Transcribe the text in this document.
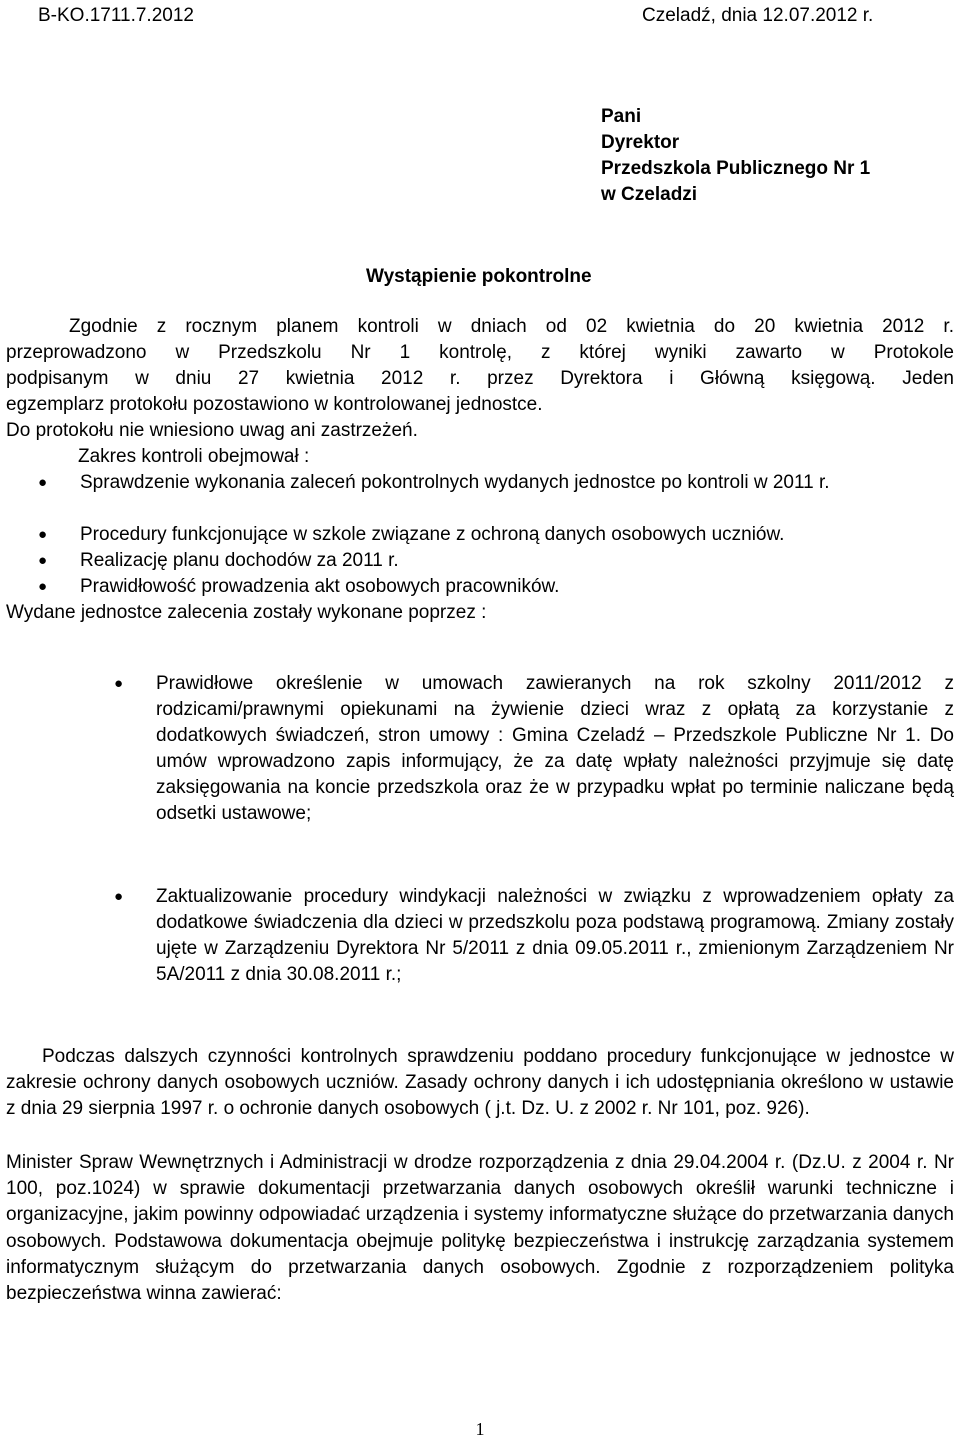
B-KO.1711.7.2012	Czeladź, dnia 12.07.2012 r.
Pani
Dyrektor
Przedszkola Publicznego Nr 1
w Czeladzi
Wystąpienie pokontrolne
Zgodnie z rocznym planem kontroli w dniach od 02 kwietnia do 20 kwietnia 2012 r.
przeprowadzono w Przedszkolu Nr 1 kontrolę, z której wyniki zawarto w Protokole
podpisanym w dniu 27 kwietnia 2012 r. przez Dyrektora i Główną księgową. Jeden
egzemplarz protokołu pozostawiono w kontrolowanej jednostce.
Do protokołu nie wniesiono uwag ani zastrzeżeń.
Zakres kontroli obejmował :
● Sprawdzenie wykonania zaleceń pokontrolnych wydanych jednostce po kontroli w 2011 r.
● Procedury funkcjonujące w szkole związane z ochroną danych osobowych uczniów.
● Realizację planu dochodów za 2011 r.
● Prawidłowość prowadzenia akt osobowych pracowników.
Wydane jednostce zalecenia zostały wykonane poprzez :
● Prawidłowe określenie w umowach zawieranych na rok szkolny 2011/2012 z rodzicami/prawnymi opiekunami na żywienie dzieci wraz z opłatą za korzystanie z dodatkowych świadczeń, stron umowy : Gmina Czeladź – Przedszkole Publiczne Nr 1. Do umów wprowadzono zapis informujący, że za datę wpłaty należności przyjmuje się datę zaksięgowania na koncie przedszkola oraz że w przypadku wpłat po terminie naliczane będą odsetki ustawowe;
● Zaktualizowanie procedury windykacji należności w związku z wprowadzeniem opłaty za dodatkowe świadczenia dla dzieci w przedszkolu poza podstawą programową. Zmiany zostały ujęte w Zarządzeniu Dyrektora Nr 5/2011 z dnia 09.05.2011 r., zmienionym Zarządzeniem Nr 5A/2011 z dnia 30.08.2011 r.;
Podczas dalszych czynności kontrolnych sprawdzeniu poddano procedury funkcjonujące w jednostce w zakresie ochrony danych osobowych uczniów. Zasady ochrony danych i ich udostępniania określono w ustawie z dnia 29 sierpnia 1997 r. o ochronie danych osobowych ( j.t. Dz. U. z 2002 r. Nr 101, poz. 926).
Minister Spraw Wewnętrznych i Administracji w drodze rozporządzenia z dnia 29.04.2004 r. (Dz.U. z 2004 r. Nr 100, poz.1024) w sprawie dokumentacji przetwarzania danych osobowych określił warunki techniczne i organizacyjne, jakim powinny odpowiadać urządzenia i systemy informatyczne służące do przetwarzania danych osobowych. Podstawowa dokumentacja obejmuje politykę bezpieczeństwa i instrukcję zarządzania systemem informatycznym służącym do przetwarzania danych osobowych. Zgodnie z rozporządzeniem polityka bezpieczeństwa winna zawierać:
1
